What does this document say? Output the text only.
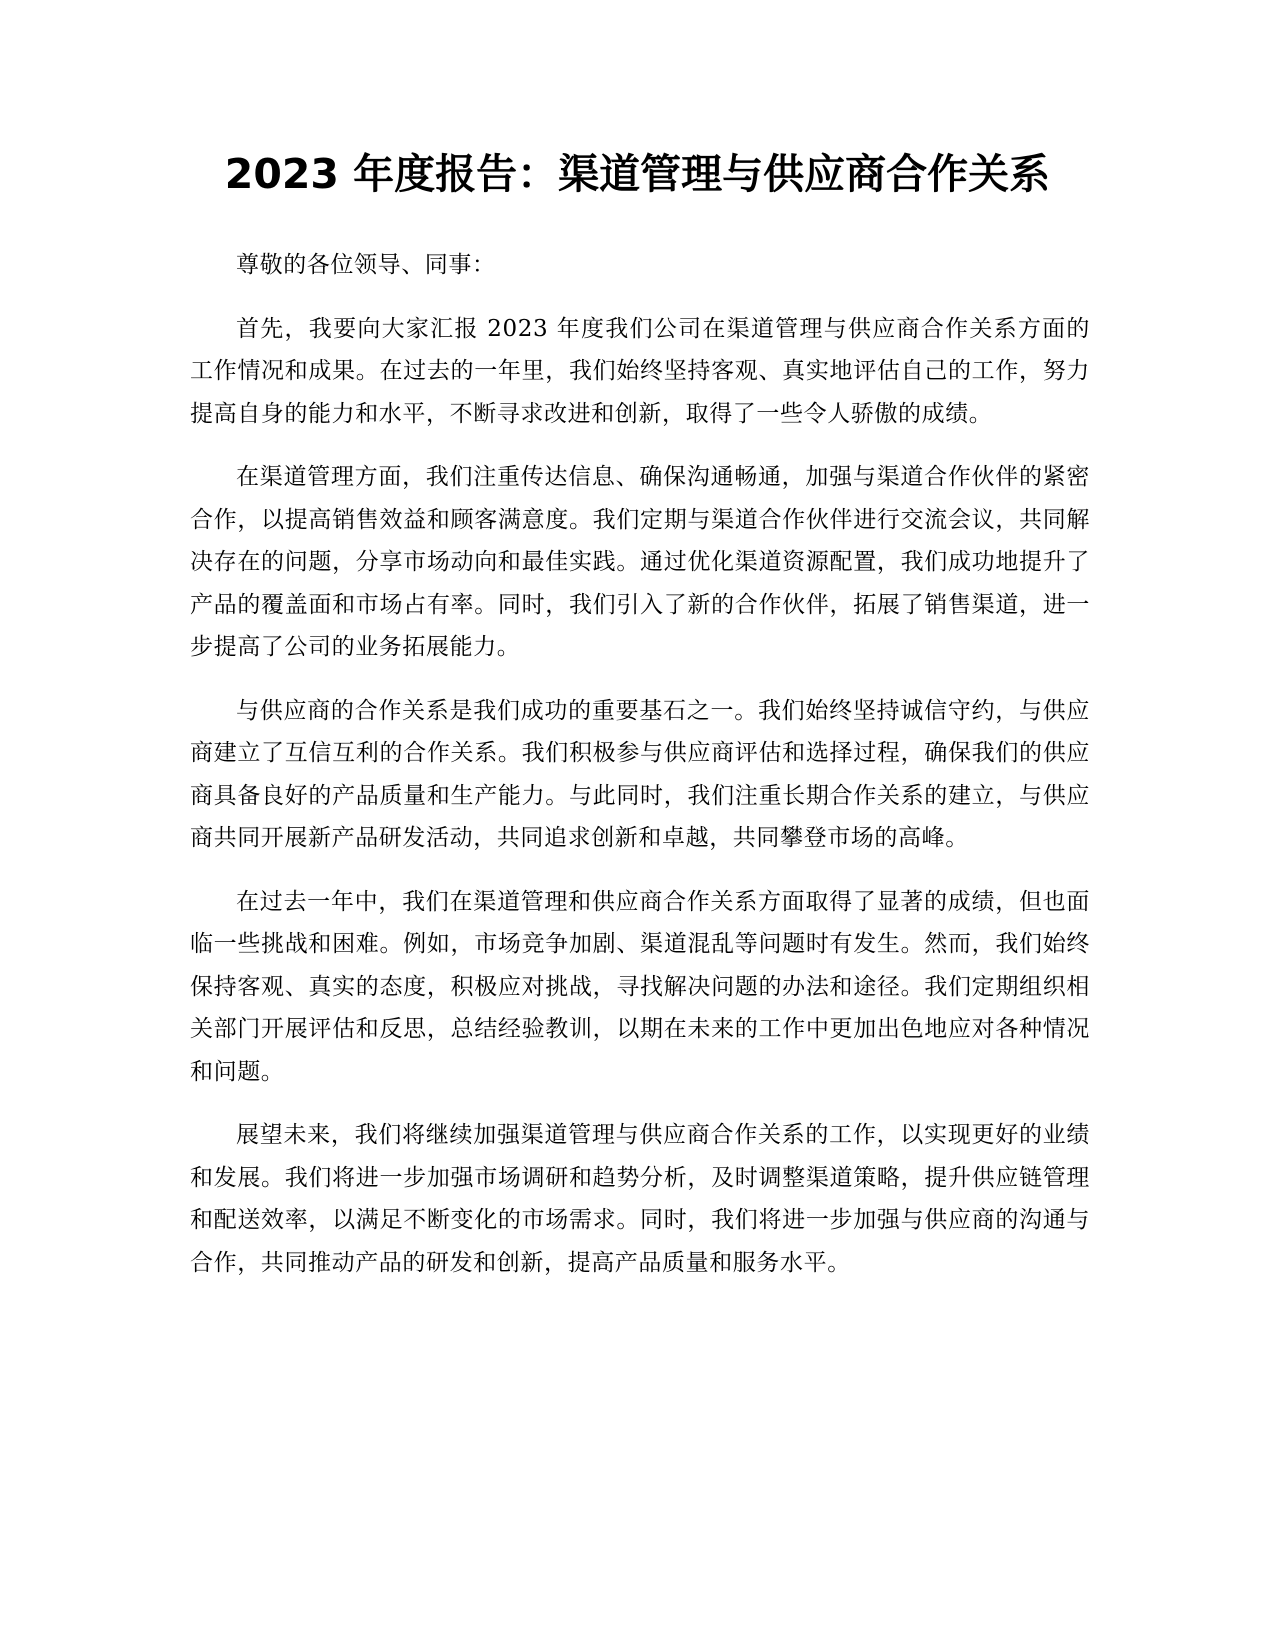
2023 年度报告：渠道管理与供应商合作关系

尊敬的各位领导、同事：

首先，我要向大家汇报 2023 年度我们公司在渠道管理与供应商合作关系方面的工作情况和成果。在过去的一年里，我们始终坚持客观、真实地评估自己的工作，努力提高自身的能力和水平，不断寻求改进和创新，取得了一些令人骄傲的成绩。

在渠道管理方面，我们注重传达信息、确保沟通畅通，加强与渠道合作伙伴的紧密合作，以提高销售效益和顾客满意度。我们定期与渠道合作伙伴进行交流会议，共同解决存在的问题，分享市场动向和最佳实践。通过优化渠道资源配置，我们成功地提升了产品的覆盖面和市场占有率。同时，我们引入了新的合作伙伴，拓展了销售渠道，进一步提高了公司的业务拓展能力。

与供应商的合作关系是我们成功的重要基石之一。我们始终坚持诚信守约，与供应商建立了互信互利的合作关系。我们积极参与供应商评估和选择过程，确保我们的供应商具备良好的产品质量和生产能力。与此同时，我们注重长期合作关系的建立，与供应商共同开展新产品研发活动，共同追求创新和卓越，共同攀登市场的高峰。

在过去一年中，我们在渠道管理和供应商合作关系方面取得了显著的成绩，但也面临一些挑战和困难。例如，市场竞争加剧、渠道混乱等问题时有发生。然而，我们始终保持客观、真实的态度，积极应对挑战，寻找解决问题的办法和途径。我们定期组织相关部门开展评估和反思，总结经验教训，以期在未来的工作中更加出色地应对各种情况和问题。

展望未来，我们将继续加强渠道管理与供应商合作关系的工作，以实现更好的业绩和发展。我们将进一步加强市场调研和趋势分析，及时调整渠道策略，提升供应链管理和配送效率，以满足不断变化的市场需求。同时，我们将进一步加强与供应商的沟通与合作，共同推动产品的研发和创新，提高产品质量和服务水平。
